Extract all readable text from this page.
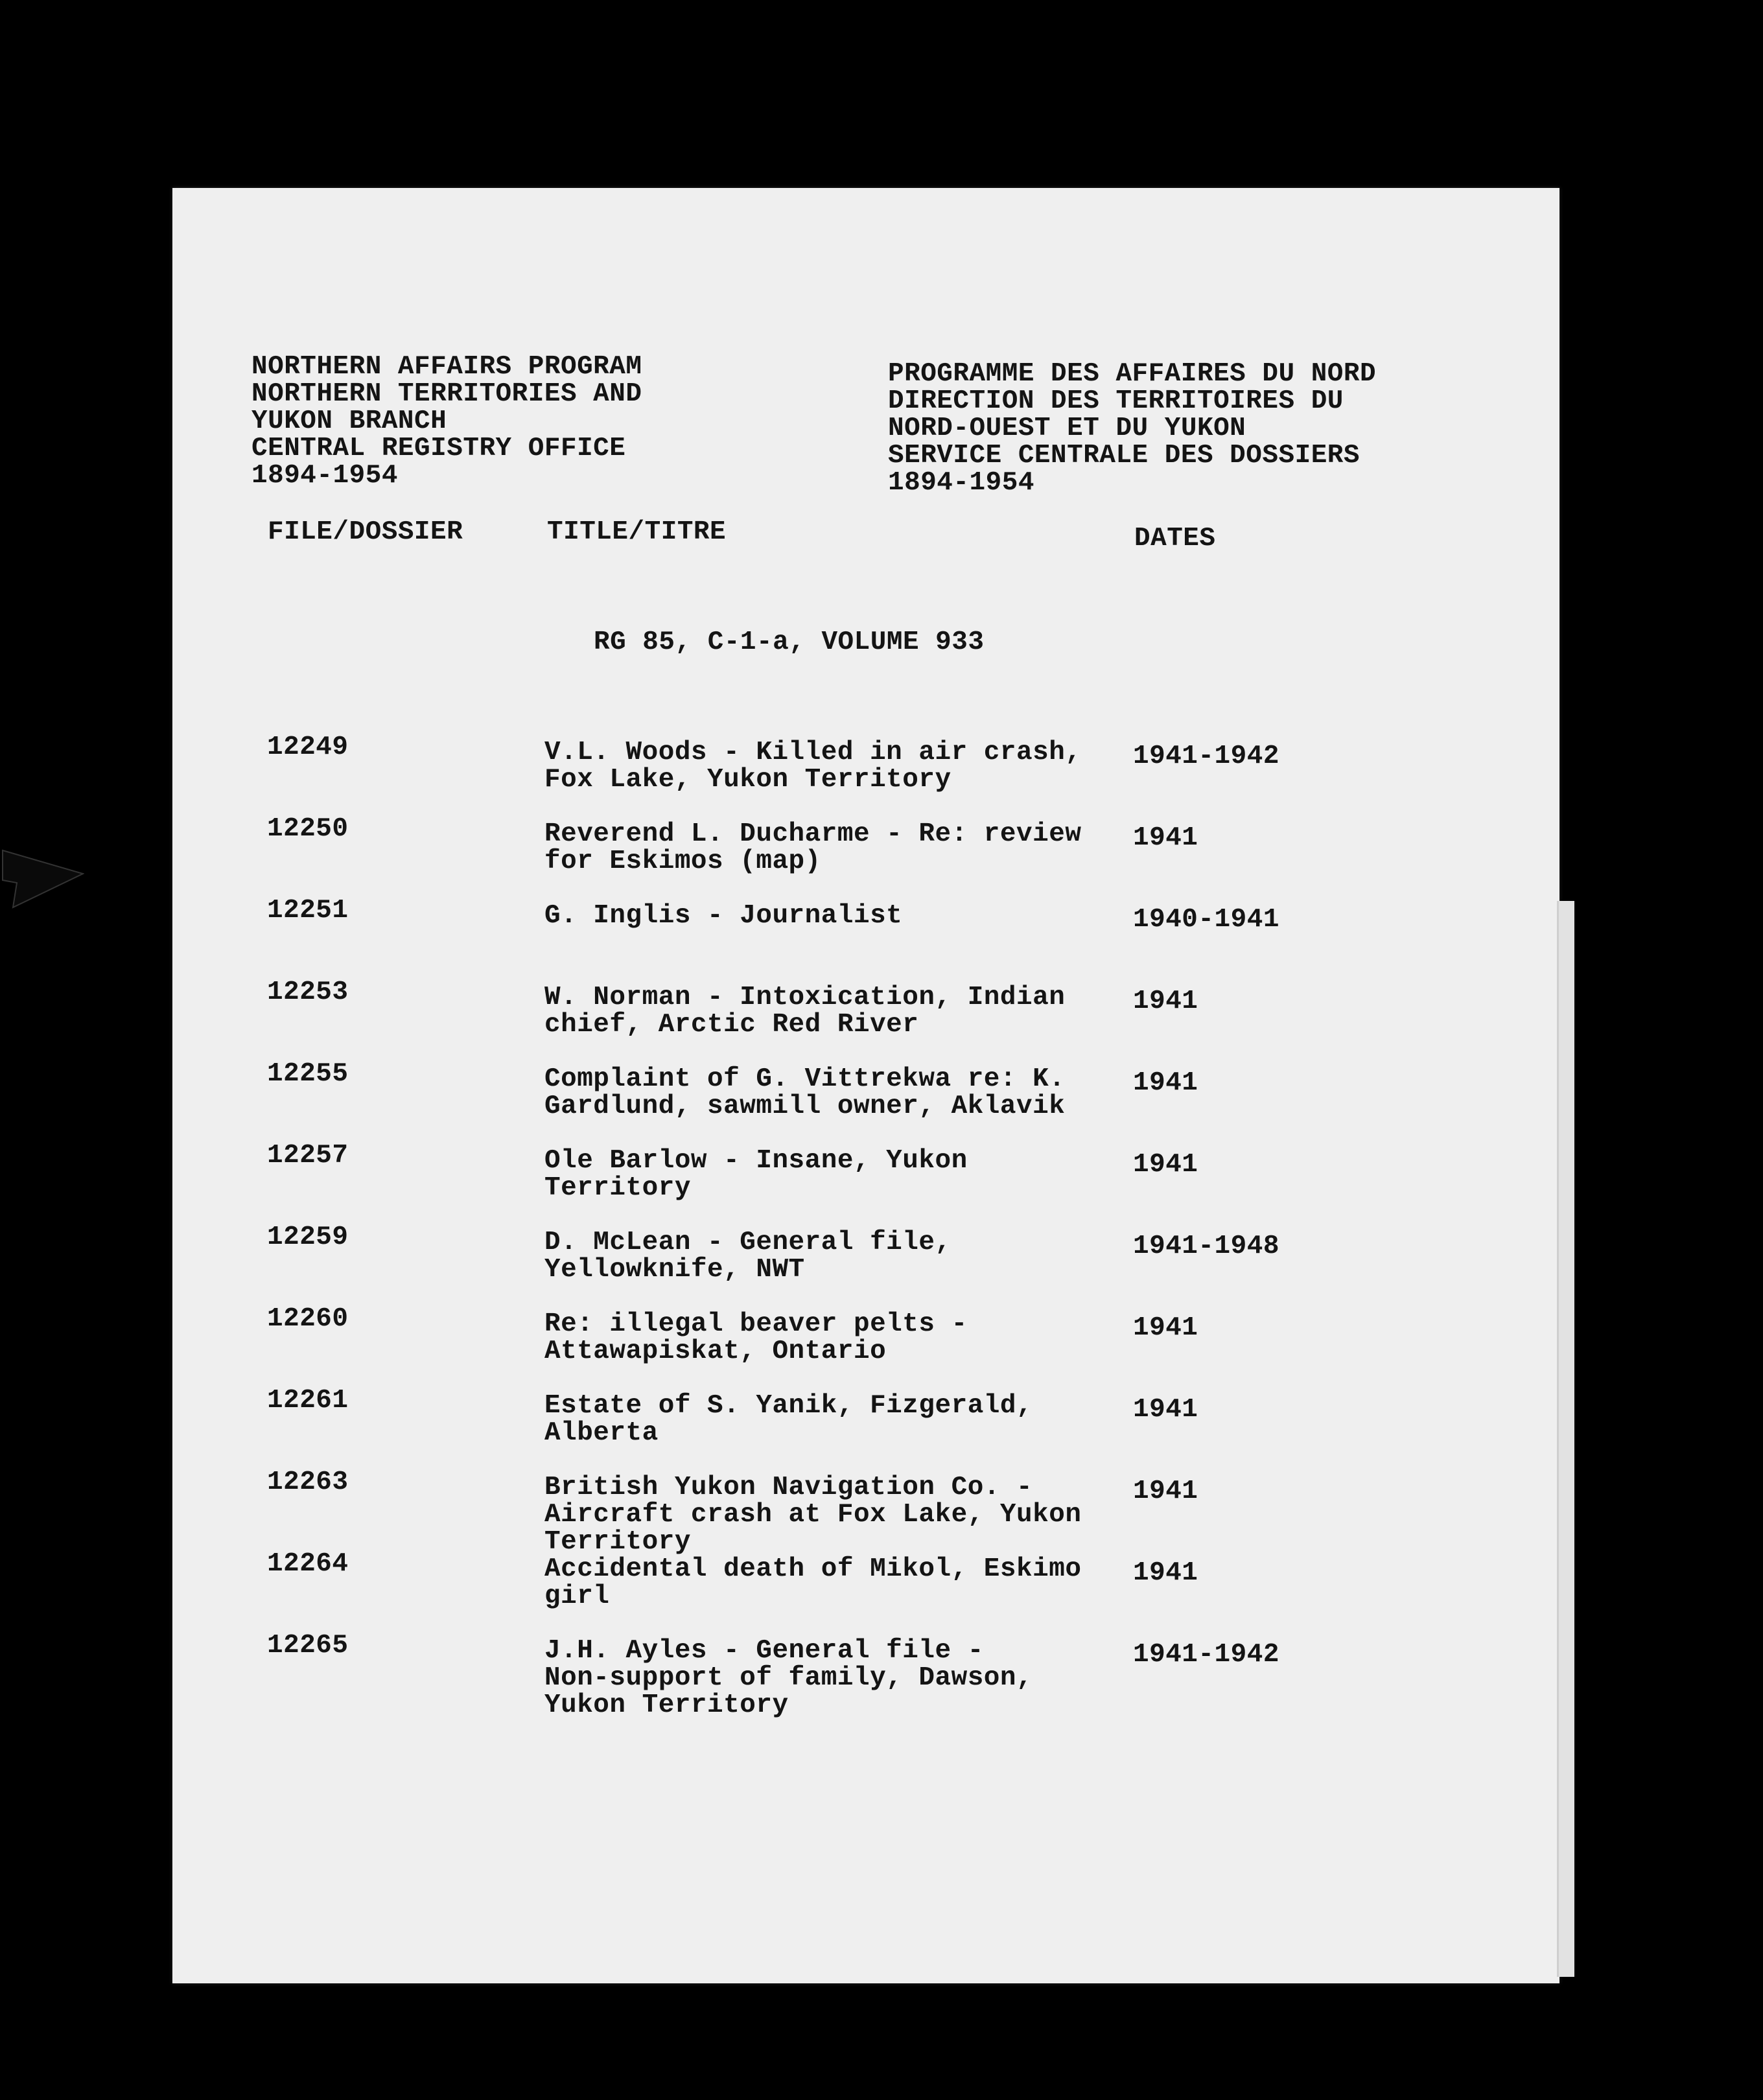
NORTHERN AFFAIRS PROGRAM
NORTHERN TERRITORIES AND
YUKON BRANCH
CENTRAL REGISTRY OFFICE
1894-1954
PROGRAMME DES AFFAIRES DU NORD
DIRECTION DES TERRITOIRES DU
NORD-OUEST ET DU YUKON
SERVICE CENTRALE DES DOSSIERS
1894-1954
FILE/DOSSIER	TITLE/TITRE	DATES
RG 85, C-1-a, VOLUME 933
12249	V.L. Woods - Killed in air crash,
Fox Lake, Yukon Territory
1941-1942
12250	Reverend L. Ducharme - Re: review
for Eskimos (map)
1941
12251	G. Inglis - Journalist	1940-1941
12253	W. Norman - Intoxication, Indian
chief, Arctic Red River
1941
12255	Complaint of G. Vittrekwa re: K.
Gardlund, sawmill owner, Aklavik
1941
12257	Ole Barlow - Insane, Yukon
Territory
1941
12259	D. McLean - General file,
Yellowknife, NWT
1941-1948
12260	Re: illegal beaver pelts -
Attawapiskat, Ontario
1941
12261	Estate of S. Yanik, Fizgerald,
Alberta
1941
12263	British Yukon Navigation Co. -
Aircraft crash at Fox Lake, Yukon
Territory
1941
12264	Accidental death of Mikol, Eskimo
girl
1941
12265	J.H. Ayles - General file -
Non-support of family, Dawson,
Yukon Territory
1941-1942
